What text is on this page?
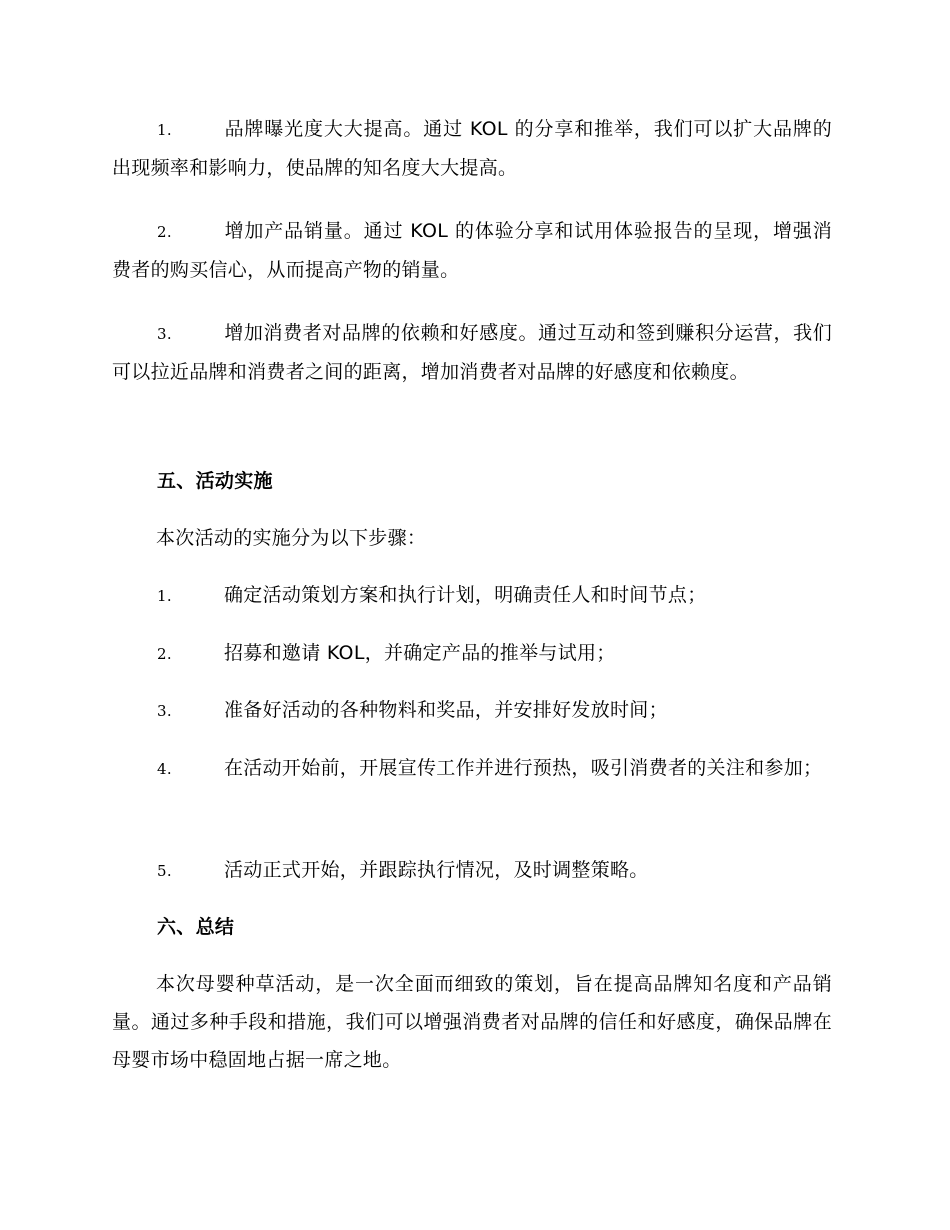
1.	品牌曝光度大大提高。通过 KOL 的分享和推举，我们可以扩大品牌的出现频率和影响力，使品牌的知名度大大提高。

2.	增加产品销量。通过 KOL 的体验分享和试用体验报告的呈现，增强消费者的购买信心，从而提高产物的销量。

3.	增加消费者对品牌的依赖和好感度。通过互动和签到赚积分运营，我们可以拉近品牌和消费者之间的距离，增加消费者对品牌的好感度和依赖度。

五、活动实施

本次活动的实施分为以下步骤：

1.	确定活动策划方案和执行计划，明确责任人和时间节点；

2.	招募和邀请 KOL，并确定产品的推举与试用；

3.	准备好活动的各种物料和奖品，并安排好发放时间；

4.	在活动开始前，开展宣传工作并进行预热，吸引消费者的关注和参加；

5.	活动正式开始，并跟踪执行情况，及时调整策略。

六、总结

本次母婴种草活动，是一次全面而细致的策划，旨在提高品牌知名度和产品销量。通过多种手段和措施，我们可以增强消费者对品牌的信任和好感度，确保品牌在母婴市场中稳固地占据一席之地。
